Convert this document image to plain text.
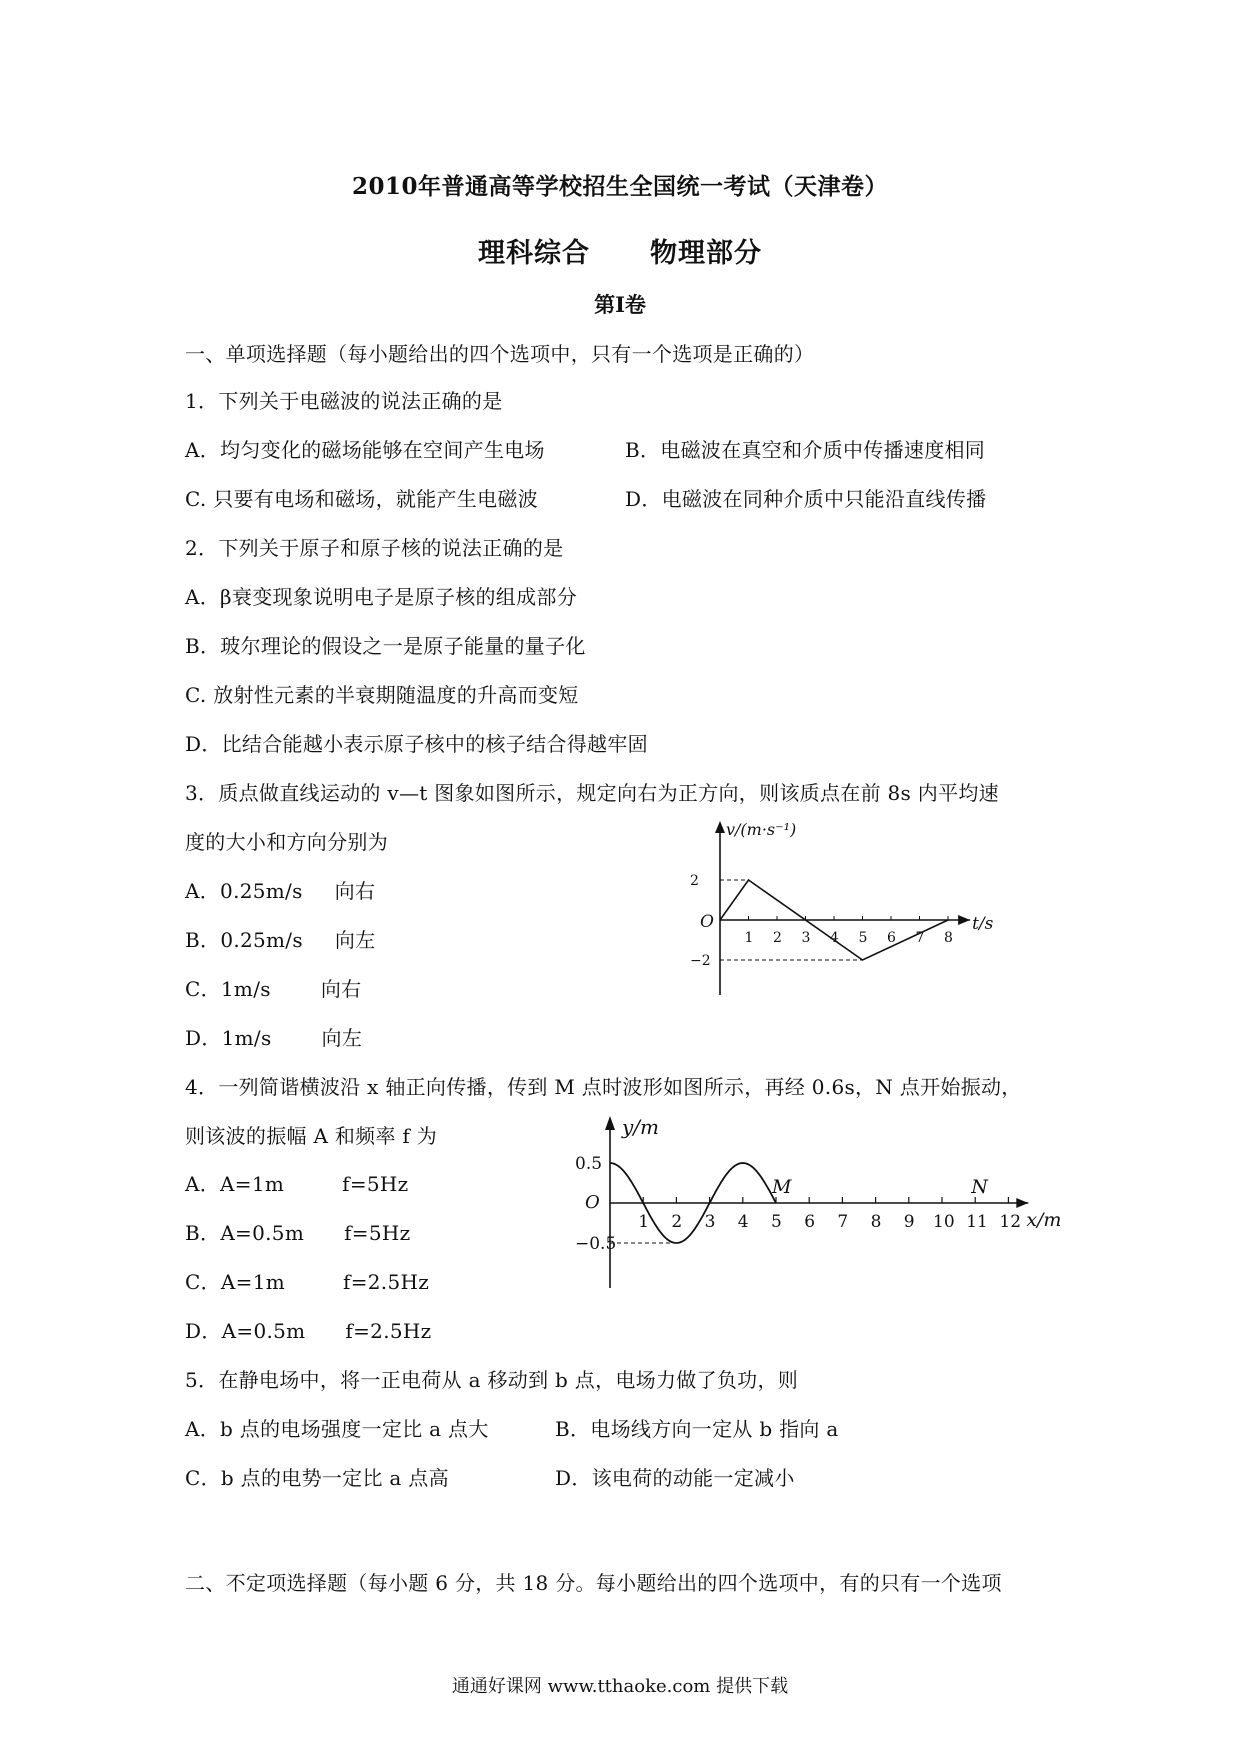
2010年普通高等学校招生全国统一考试（天津卷）
理科综合 物理部分
第Ⅰ卷
一、单项选择题（每小题给出的四个选项中，只有一个选项是正确的）
1．下列关于电磁波的说法正确的是
A．均匀变化的磁场能够在空间产生电场	B．电磁波在真空和介质中传播速度相同
C. 只要有电场和磁场，就能产生电磁波	D．电磁波在同种介质中只能沿直线传播
2．下列关于原子和原子核的说法正确的是
A．β衰变现象说明电子是原子核的组成部分
B．玻尔理论的假设之一是原子能量的量子化
C. 放射性元素的半衰期随温度的升高而变短
D．比结合能越小表示原子核中的核子结合得越牢固
3．质点做直线运动的 v—t 图象如图所示，规定向右为正方向，则该质点在前 8s 内平均速
度的大小和方向分别为
A．0.25m/s 向右
B．0.25m/s 向左
C．1m/s	向右
D．1m/s	向左
v/(m·s⁻¹)
t/s
O
1 2 3 4 5 6 7 8
2
−2
4．一列简谐横波沿 x 轴正向传播，传到 M 点时波形如图所示，再经 0.6s，N 点开始振动，
则该波的振幅 A 和频率 f 为
A．A=1m	f=5Hz
B．A=0.5m f=5Hz
C．A=1m	f=2.5Hz
D．A=0.5m f=2.5Hz
y/m
x/m
O
1 2 3 4 5 6 7 8 9 10 11 12
0.5
−0.5
M	N
5．在静电场中，将一正电荷从 a 移动到 b 点，电场力做了负功，则
A．b 点的电场强度一定比 a 点大	B．电场线方向一定从 b 指向 a
C．b 点的电势一定比 a 点高	D．该电荷的动能一定减小
二、不定项选择题（每小题 6 分，共 18 分。每小题给出的四个选项中，有的只有一个选项
通通好课网 www.tthaoke.com 提供下载
